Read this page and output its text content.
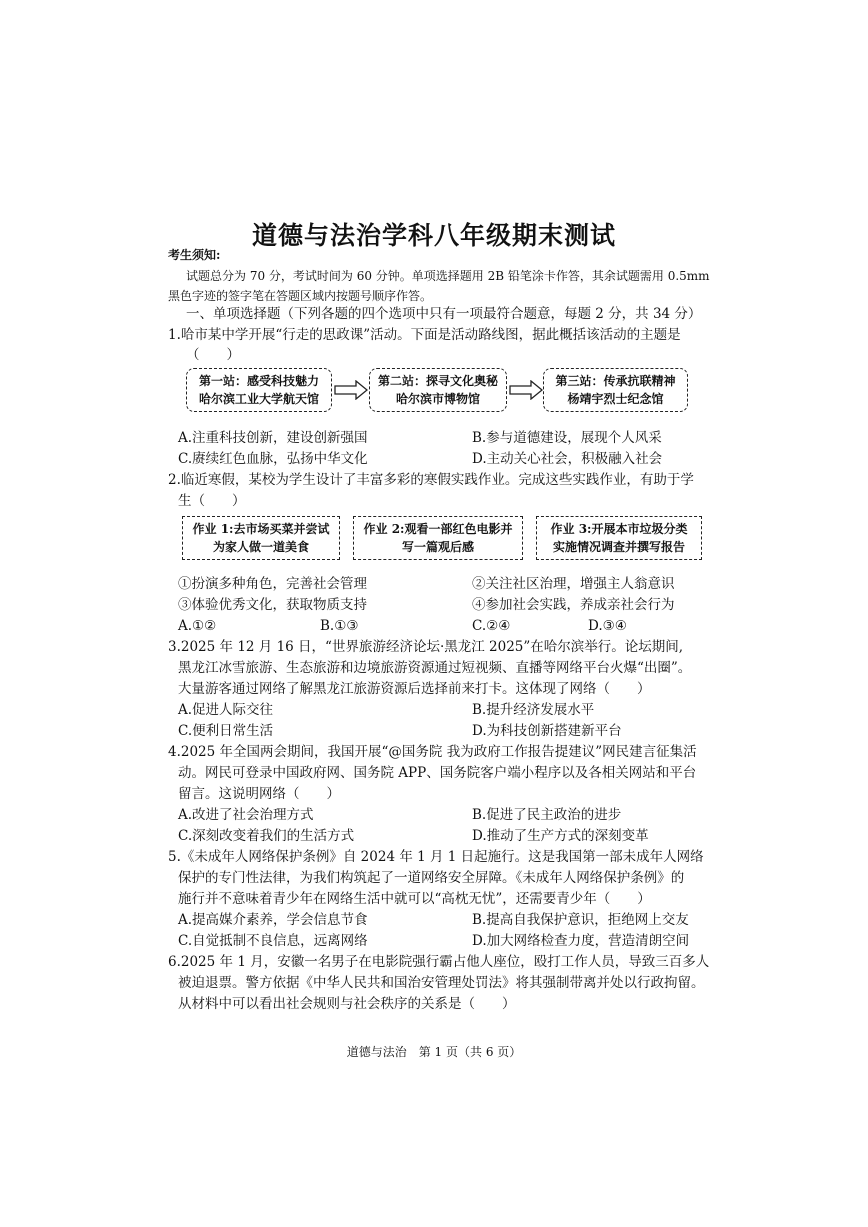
道德与法治学科八年级期末测试
考生须知:
试题总分为 70 分，考试时间为 60 分钟。单项选择题用 2B 铅笔涂卡作答，其余试题需用 0.5mm
黑色字迹的签字笔在答题区域内按题号顺序作答。
一、单项选择题（下列各题的四个选项中只有一项最符合题意，每题 2 分，共 34 分）
1.哈市某中学开展“行走的思政课”活动。下面是活动路线图，据此概括该活动的主题是
（　　）
第一站：感受科技魅力
哈尔滨工业大学航天馆
第二站：探寻文化奥秘
哈尔滨市博物馆
第三站：传承抗联精神
杨靖宇烈士纪念馆
A.注重科技创新，建设创新强国	B.参与道德建设，展现个人风采
C.赓续红色血脉，弘扬中华文化	D.主动关心社会，积极融入社会
2.临近寒假，某校为学生设计了丰富多彩的寒假实践作业。完成这些实践作业，有助于学
生（　　）
作业 1:去市场买菜并尝试
为家人做一道美食
作业 2:观看一部红色电影并
写一篇观后感
作业 3:开展本市垃圾分类
实施情况调查并撰写报告
①扮演多种角色，完善社会管理	②关注社区治理，增强主人翁意识
③体验优秀文化，获取物质支持	④参加社会实践，养成亲社会行为
A.①②	B.①③	C.②④	D.③④
3.2025 年 12 月 16 日，“世界旅游经济论坛·黑龙江 2025”在哈尔滨举行。论坛期间,
黑龙江冰雪旅游、生态旅游和边境旅游资源通过短视频、直播等网络平台火爆“出圈”。
大量游客通过网络了解黑龙江旅游资源后选择前来打卡。这体现了网络（　　）
A.促进人际交往	B.提升经济发展水平
C.便利日常生活	D.为科技创新搭建新平台
4.2025 年全国两会期间，我国开展“@国务院 我为政府工作报告提建议”网民建言征集活
动。网民可登录中国政府网、国务院 APP、国务院客户端小程序以及各相关网站和平台
留言。这说明网络（　　）
A.改进了社会治理方式	B.促进了民主政治的进步
C.深刻改变着我们的生活方式	D.推动了生产方式的深刻变革
5.《未成年人网络保护条例》自 2024 年 1 月 1 日起施行。这是我国第一部未成年人网络
保护的专门性法律，为我们构筑起了一道网络安全屏障。《未成年人网络保护条例》的
施行并不意味着青少年在网络生活中就可以“高枕无忧”，还需要青少年（　　）
A.提高媒介素养，学会信息节食	B.提高自我保护意识，拒绝网上交友
C.自觉抵制不良信息，远离网络	D.加大网络检查力度，营造清朗空间
6.2025 年 1 月，安徽一名男子在电影院强行霸占他人座位，殴打工作人员，导致三百多人
被迫退票。警方依据《中华人民共和国治安管理处罚法》将其强制带离并处以行政拘留。
从材料中可以看出社会规则与社会秩序的关系是（　　）
道德与法治　第 1 页（共 6 页）
